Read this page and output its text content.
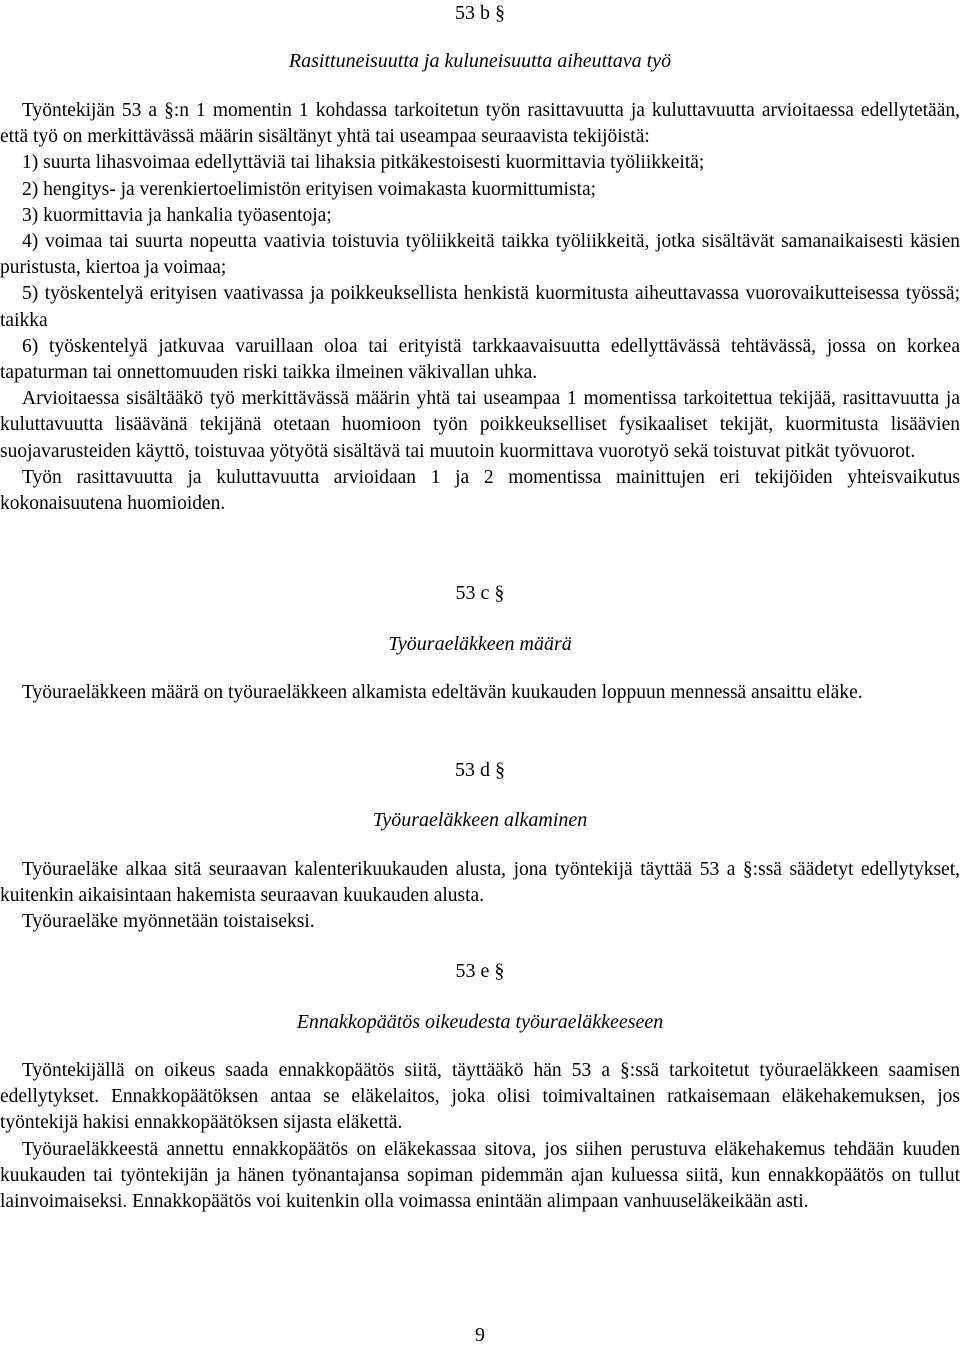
53 b §

Rasittuneisuutta ja kuluneisuutta aiheuttava työ

Työntekijän 53 a §:n 1 momentin 1 kohdassa tarkoitetun työn rasittavuutta ja kuluttavuutta arvioitaessa edellytetään, että työ on merkittävässä määrin sisältänyt yhtä tai useampaa seuraavista tekijöistä:

1) suurta lihasvoimaa edellyttäviä tai lihaksia pitkäkestoisesti kuormittavia työliikkeitä;

2) hengitys- ja verenkiertoelimistön erityisen voimakasta kuormittumista;

3) kuormittavia ja hankalia työasentoja;

4) voimaa tai suurta nopeutta vaativia toistuvia työliikkeitä taikka työliikkeitä, jotka sisältävät samanaikaisesti käsien puristusta, kiertoa ja voimaa;

5) työskentelyä erityisen vaativassa ja poikkeuksellista henkistä kuormitusta aiheuttavassa vuorovaikutteisessa työssä; taikka

6) työskentelyä jatkuvaa varuillaan oloa tai erityistä tarkkaavaisuutta edellyttävässä tehtävässä, jossa on korkea tapaturman tai onnettomuuden riski taikka ilmeinen väkivallan uhka.

Arvioitaessa sisältääkö työ merkittävässä määrin yhtä tai useampaa 1 momentissa tarkoitettua tekijää, rasittavuutta ja kuluttavuutta lisäävänä tekijänä otetaan huomioon työn poikkeukselliset fysikaaliset tekijät, kuormitusta lisäävien suojavarusteiden käyttö, toistuvaa yötyötä sisältävä tai muutoin kuormittava vuorotyö sekä toistuvat pitkät työvuorot.

Työn rasittavuutta ja kuluttavuutta arvioidaan 1 ja 2 momentissa mainittujen eri tekijöiden yhteisvaikutus kokonaisuutena huomioiden.

53 c §

Työuraeläkkeen määrä

Työuraeläkkeen määrä on työuraeläkkeen alkamista edeltävän kuukauden loppuun mennessä ansaittu eläke.

53 d §

Työuraeläkkeen alkaminen

Työuraeläke alkaa sitä seuraavan kalenterikuukauden alusta, jona työntekijä täyttää 53 a §:ssä säädetyt edellytykset, kuitenkin aikaisintaan hakemista seuraavan kuukauden alusta.

Työuraeläke myönnetään toistaiseksi.

53 e §

Ennakkopäätös oikeudesta työuraeläkkeeseen

Työntekijällä on oikeus saada ennakkopäätös siitä, täyttääkö hän 53 a §:ssä tarkoitetut työuraeläkkeen saamisen edellytykset. Ennakkopäätöksen antaa se eläkelaitos, joka olisi toimivaltainen ratkaisemaan eläkehakemuksen, jos työntekijä hakisi ennakkopäätöksen sijasta eläkettä.

Työuraeläkkeestä annettu ennakkopäätös on eläkekassaa sitova, jos siihen perustuva eläkehakemus tehdään kuuden kuukauden tai työntekijän ja hänen työnantajansa sopiman pidemmän ajan kuluessa siitä, kun ennakkopäätös on tullut lainvoimaiseksi. Ennakkopäätös voi kuitenkin olla voimassa enintään alimpaan vanhuuseläkeikään asti.

9
